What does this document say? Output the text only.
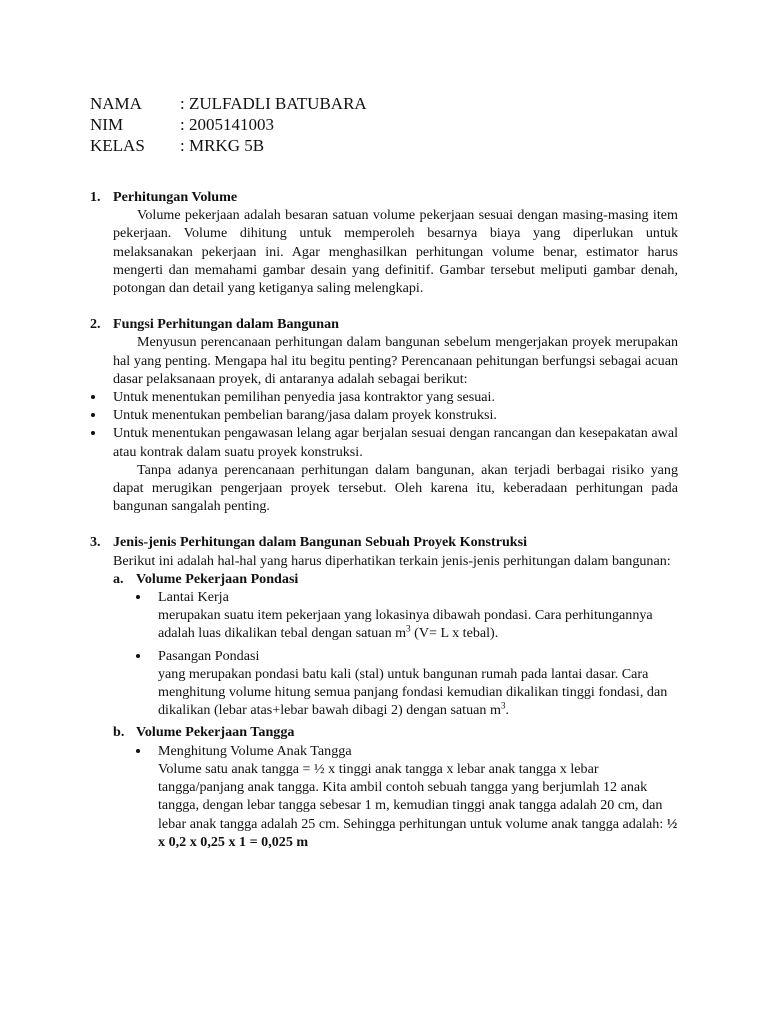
NAMA	: ZULFADLI BATUBARA
NIM	: 2005141003
KELAS	: MRKG 5B
1. Perhitungan Volume
Volume pekerjaan adalah besaran satuan volume pekerjaan sesuai dengan masing-masing item pekerjaan. Volume dihitung untuk memperoleh besarnya biaya yang diperlukan untuk melaksanakan pekerjaan ini. Agar menghasilkan perhitungan volume benar, estimator harus mengerti dan memahami gambar desain yang definitif. Gambar tersebut meliputi gambar denah, potongan dan detail yang ketiganya saling melengkapi.
2. Fungsi Perhitungan dalam Bangunan
Menyusun perencanaan perhitungan dalam bangunan sebelum mengerjakan proyek merupakan hal yang penting. Mengapa hal itu begitu penting? Perencanaan pehitungan berfungsi sebagai acuan dasar pelaksanaan proyek, di antaranya adalah sebagai berikut:
Untuk menentukan pemilihan penyedia jasa kontraktor yang sesuai.
Untuk menentukan pembelian barang/jasa dalam proyek konstruksi.
Untuk menentukan pengawasan lelang agar berjalan sesuai dengan rancangan dan kesepakatan awal atau kontrak dalam suatu proyek konstruksi.
Tanpa adanya perencanaan perhitungan dalam bangunan, akan terjadi berbagai risiko yang dapat merugikan pengerjaan proyek tersebut. Oleh karena itu, keberadaan perhitungan pada bangunan sangalah penting.
3. Jenis-jenis Perhitungan dalam Bangunan Sebuah Proyek Konstruksi
Berikut ini adalah hal-hal yang harus diperhatikan terkain jenis-jenis perhitungan dalam bangunan:
a. Volume Pekerjaan Pondasi
Lantai Kerja
merupakan suatu item pekerjaan yang lokasinya dibawah pondasi. Cara perhitungannya adalah luas dikalikan tebal dengan satuan $m^3$ (V= L x tebal).
Pasangan Pondasi
yang merupakan pondasi batu kali (stal) untuk bangunan rumah pada lantai dasar. Cara menghitung volume hitung semua panjang fondasi kemudian dikalikan tinggi fondasi, dan dikalikan (lebar atas+lebar bawah dibagi 2) dengan satuan $m^3$.
b. Volume Pekerjaan Tangga
Menghitung Volume Anak Tangga
Volume satu anak tangga = ½ x tinggi anak tangga x lebar anak tangga x lebar tangga/panjang anak tangga. Kita ambil contoh sebuah tangga yang berjumlah 12 anak tangga, dengan lebar tangga sebesar 1 m, kemudian tinggi anak tangga adalah 20 cm, dan lebar anak tangga adalah 25 cm. Sehingga perhitungan untuk volume anak tangga adalah: ½ x 0,2 x 0,25 x 1 = 0,025 m
